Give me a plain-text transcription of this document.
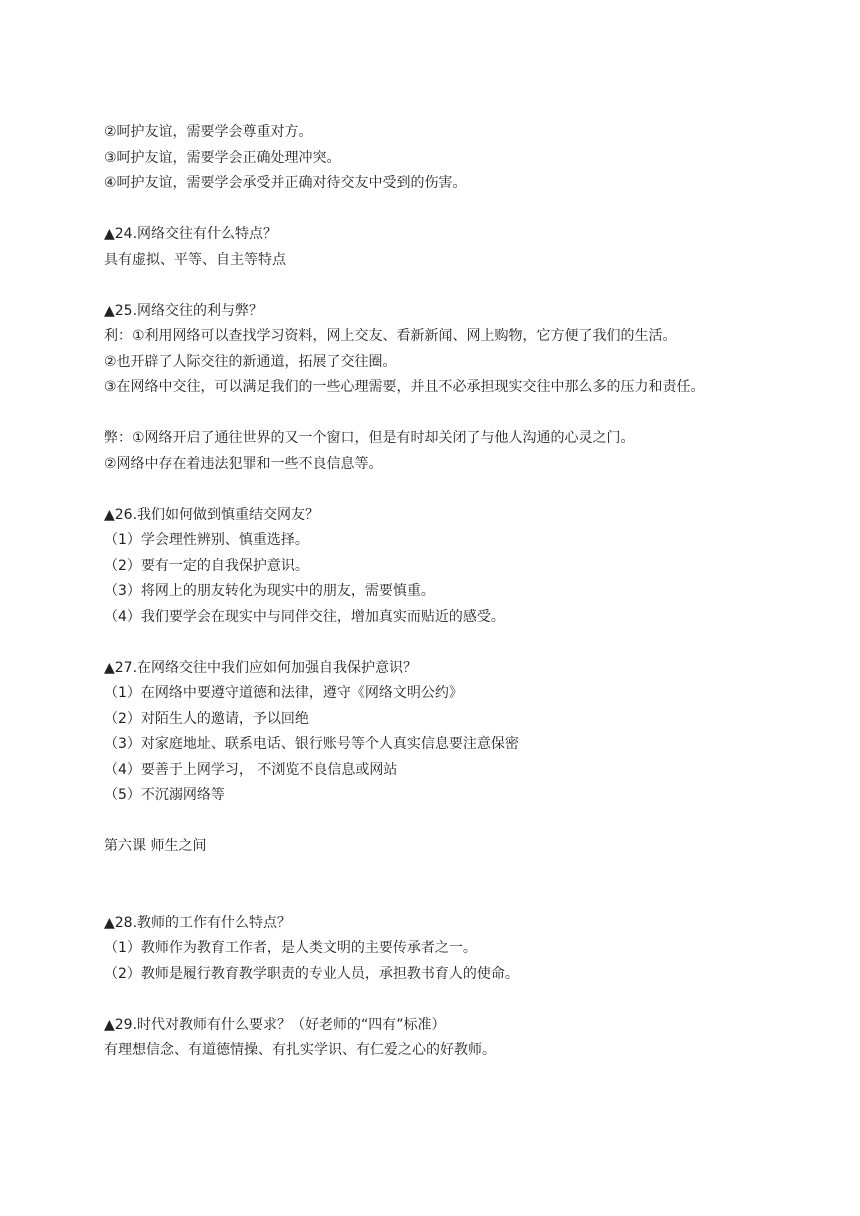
②呵护友谊，需要学会尊重对方。

③呵护友谊，需要学会正确处理冲突。

④呵护友谊，需要学会承受并正确对待交友中受到的伤害。

▲24.网络交往有什么特点？

具有虚拟、平等、自主等特点

▲25.网络交往的利与弊？

利：①利用网络可以查找学习资料，网上交友、看新新闻、网上购物，它方便了我们的生活。

②也开辟了人际交往的新通道，拓展了交往圈。

③在网络中交往，可以满足我们的一些心理需要，并且不必承担现实交往中那么多的压力和责任。

弊：①网络开启了通往世界的又一个窗口，但是有时却关闭了与他人沟通的心灵之门。

②网络中存在着违法犯罪和一些不良信息等。

▲26.我们如何做到慎重结交网友？

（1）学会理性辨别、慎重选择。

（2）要有一定的自我保护意识。

（3）将网上的朋友转化为现实中的朋友，需要慎重。

（4）我们要学会在现实中与同伴交往，增加真实而贴近的感受。

▲27.在网络交往中我们应如何加强自我保护意识？

（1）在网络中要遵守道德和法律，遵守《网络文明公约》

（2）对陌生人的邀请，予以回绝

（3）对家庭地址、联系电话、银行账号等个人真实信息要注意保密

（4）要善于上网学习， 不浏览不良信息或网站

（5）不沉溺网络等

第六课 师生之间

▲28.教师的工作有什么特点？

（1）教师作为教育工作者，是人类文明的主要传承者之一。

（2）教师是履行教育教学职责的专业人员，承担教书育人的使命。

▲29.时代对教师有什么要求？（好老师的“四有”标准）

有理想信念、有道德情操、有扎实学识、有仁爱之心的好教师。
